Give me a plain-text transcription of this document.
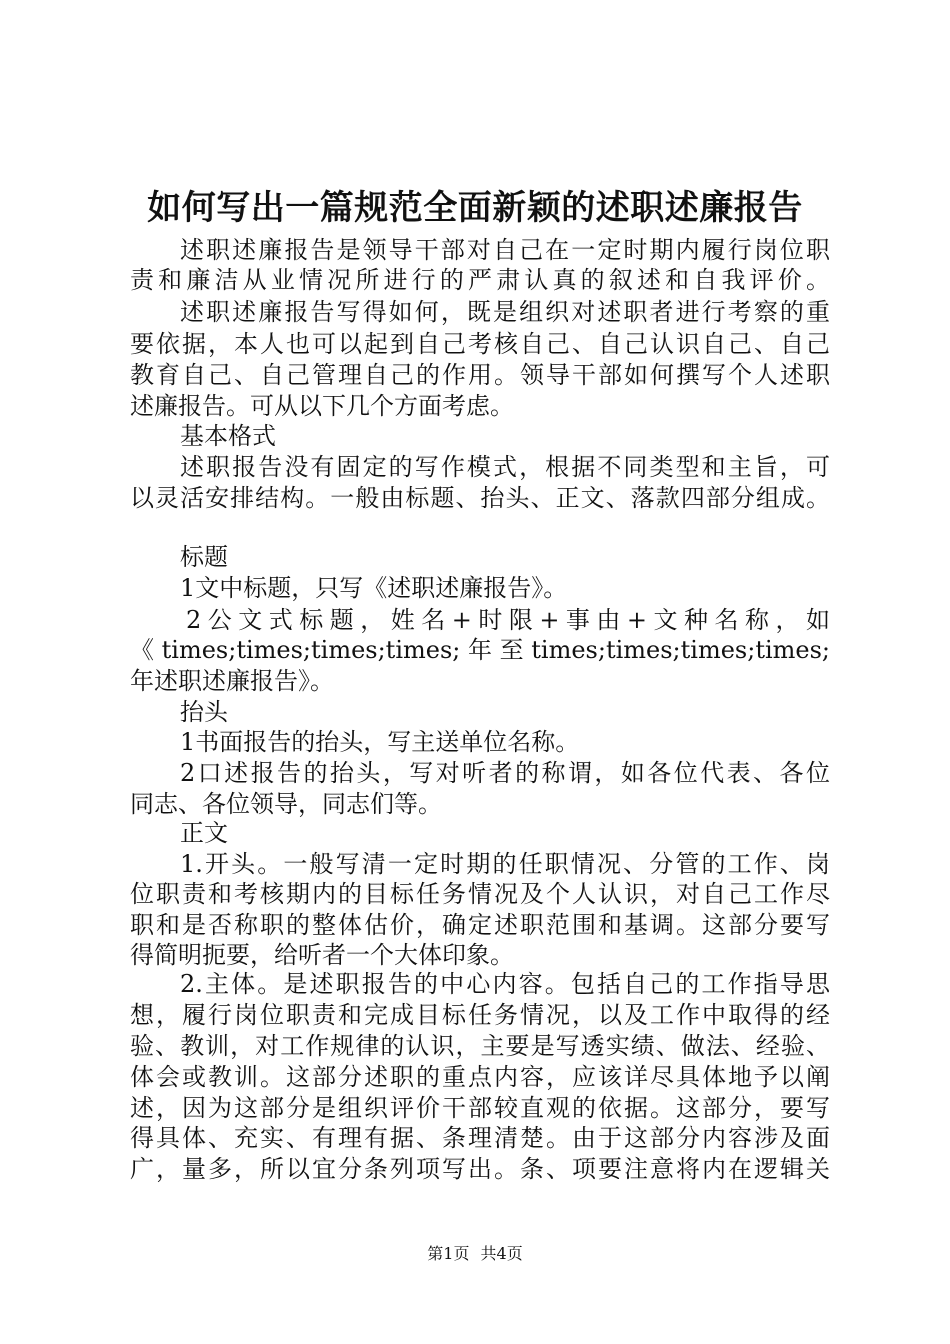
如何写出一篇规范全面新颖的述职述廉报告
述职述廉报告是领导干部对自己在一定时期内履行岗位职
责和廉洁从业情况所进行的严肃认真的叙述和自我评价。
述职述廉报告写得如何，既是组织对述职者进行考察的重
要依据，本人也可以起到自己考核自己、自己认识自己、自己
教育自己、自己管理自己的作用。领导干部如何撰写个人述职
述廉报告。可从以下几个方面考虑。
基本格式
述职报告没有固定的写作模式，根据不同类型和主旨，可
以灵活安排结构。一般由标题、抬头、正文、落款四部分组成。
标题
1文中标题，只写《述职述廉报告》。
2公文式标题，姓名+时限+事由+文种名称，如
《times;times;times;times;年至times;times;times;times;
年述职述廉报告》。
抬头
1书面报告的抬头，写主送单位名称。
2口述报告的抬头，写对听者的称谓，如各位代表、各位
同志、各位领导，同志们等。
正文
1.开头。一般写清一定时期的任职情况、分管的工作、岗
位职责和考核期内的目标任务情况及个人认识，对自己工作尽
职和是否称职的整体估价，确定述职范围和基调。这部分要写
得简明扼要，给听者一个大体印象。
2.主体。是述职报告的中心内容。包括自己的工作指导思
想，履行岗位职责和完成目标任务情况，以及工作中取得的经
验、教训，对工作规律的认识，主要是写透实绩、做法、经验、
体会或教训。这部分述职的重点内容，应该详尽具体地予以阐
述，因为这部分是组织评价干部较直观的依据。这部分，要写
得具体、充实、有理有据、条理清楚。由于这部分内容涉及面
广，量多，所以宜分条列项写出。条、项要注意将内在逻辑关
第1页 共4页
